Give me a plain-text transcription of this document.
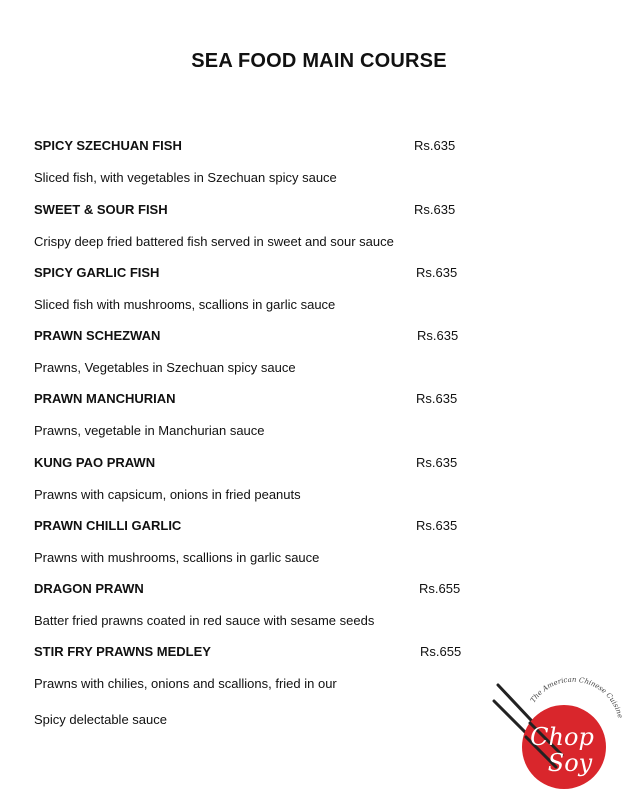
SEA FOOD MAIN COURSE
SPICY SZECHUAN FISH	Rs.635
Sliced fish, with vegetables in Szechuan spicy sauce
SWEET & SOUR FISH	Rs.635
Crispy deep fried battered fish served in sweet and sour sauce
SPICY GARLIC FISH	Rs.635
Sliced fish with mushrooms, scallions in garlic sauce
PRAWN SCHEZWAN	Rs.635
Prawns, Vegetables in Szechuan spicy sauce
PRAWN MANCHURIAN	Rs.635
Prawns, vegetable in Manchurian sauce
KUNG PAO PRAWN	Rs.635
Prawns with capsicum, onions in fried peanuts
PRAWN CHILLI GARLIC	Rs.635
Prawns with mushrooms, scallions in garlic sauce
DRAGON PRAWN	Rs.655
Batter fried prawns coated in red sauce with sesame seeds
STIR FRY PRAWNS MEDLEY	Rs.655
Prawns with chilies, onions and scallions, fried in our
Spicy delectable sauce
Chop
Soy
The American Chinese Cuisine
